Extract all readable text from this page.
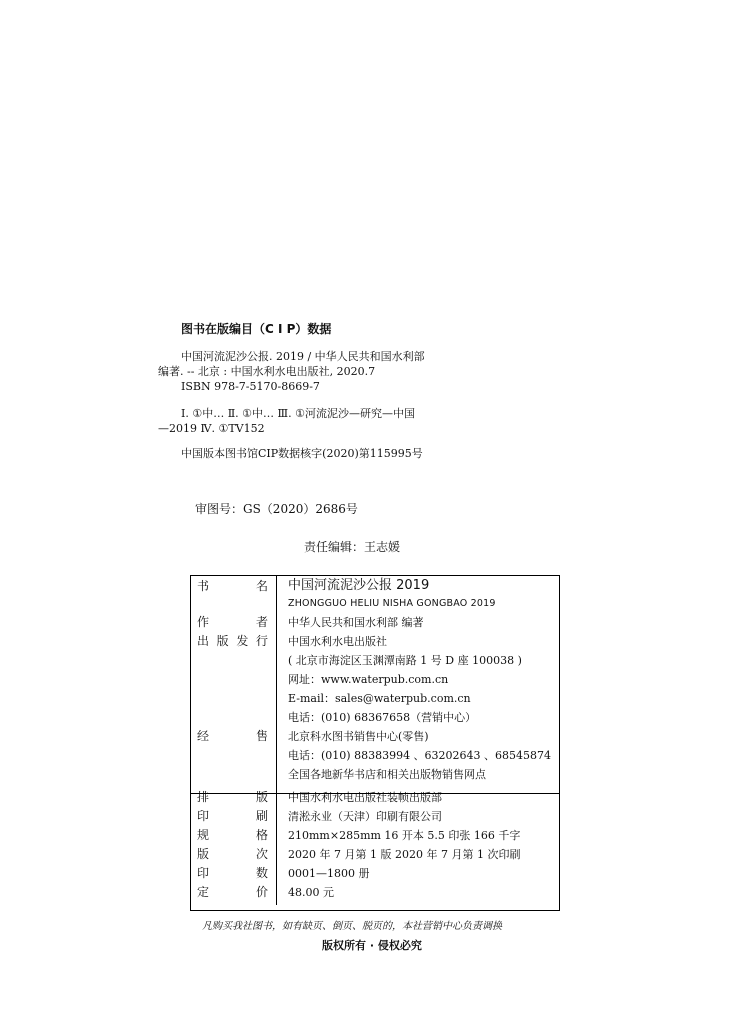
图书在版编目（C I P）数据
中国河流泥沙公报. 2019 / 中华人民共和国水利部
编著. -- 北京 : 中国水利水电出版社, 2020.7
ISBN 978-7-5170-8669-7
Ⅰ. ①中… Ⅱ. ①中… Ⅲ. ①河流泥沙—研究—中国
—2019 Ⅳ. ①TV152
中国版本图书馆CIP数据核字(2020)第115995号
审图号：GS（2020）2686号
责任编辑：王志媛
书 名	中国河流泥沙公报 2019
	ZHONGGUO HELIU NISHA GONGBAO 2019

作 者	中华人民共和国水利部 编著

出 版 发 行	中国水利水电出版社
	( 北京市海淀区玉渊潭南路 1 号 D 座 100038 )
	网址：www.waterpub.com.cn
	E-mail：sales@waterpub.com.cn
	电话：(010) 68367658（营销中心）

经 售	北京科水图书销售中心(零售)
	电话：(010) 88383994 、63202643 、68545874
	全国各地新华书店和相关出版物销售网点

排 版	中国水利水电出版社装帧出版部

印 刷	清淞永业（天津）印刷有限公司

规 格	210mm×285mm 16 开本 5.5 印张 166 千字

版 次	2020 年 7 月第 1 版 2020 年 7 月第 1 次印刷

印 数	0001—1800 册

定 价	48.00 元
凡购买我社图书，如有缺页、倒页、脱页的，本社营销中心负责调换
版权所有 · 侵权必究
